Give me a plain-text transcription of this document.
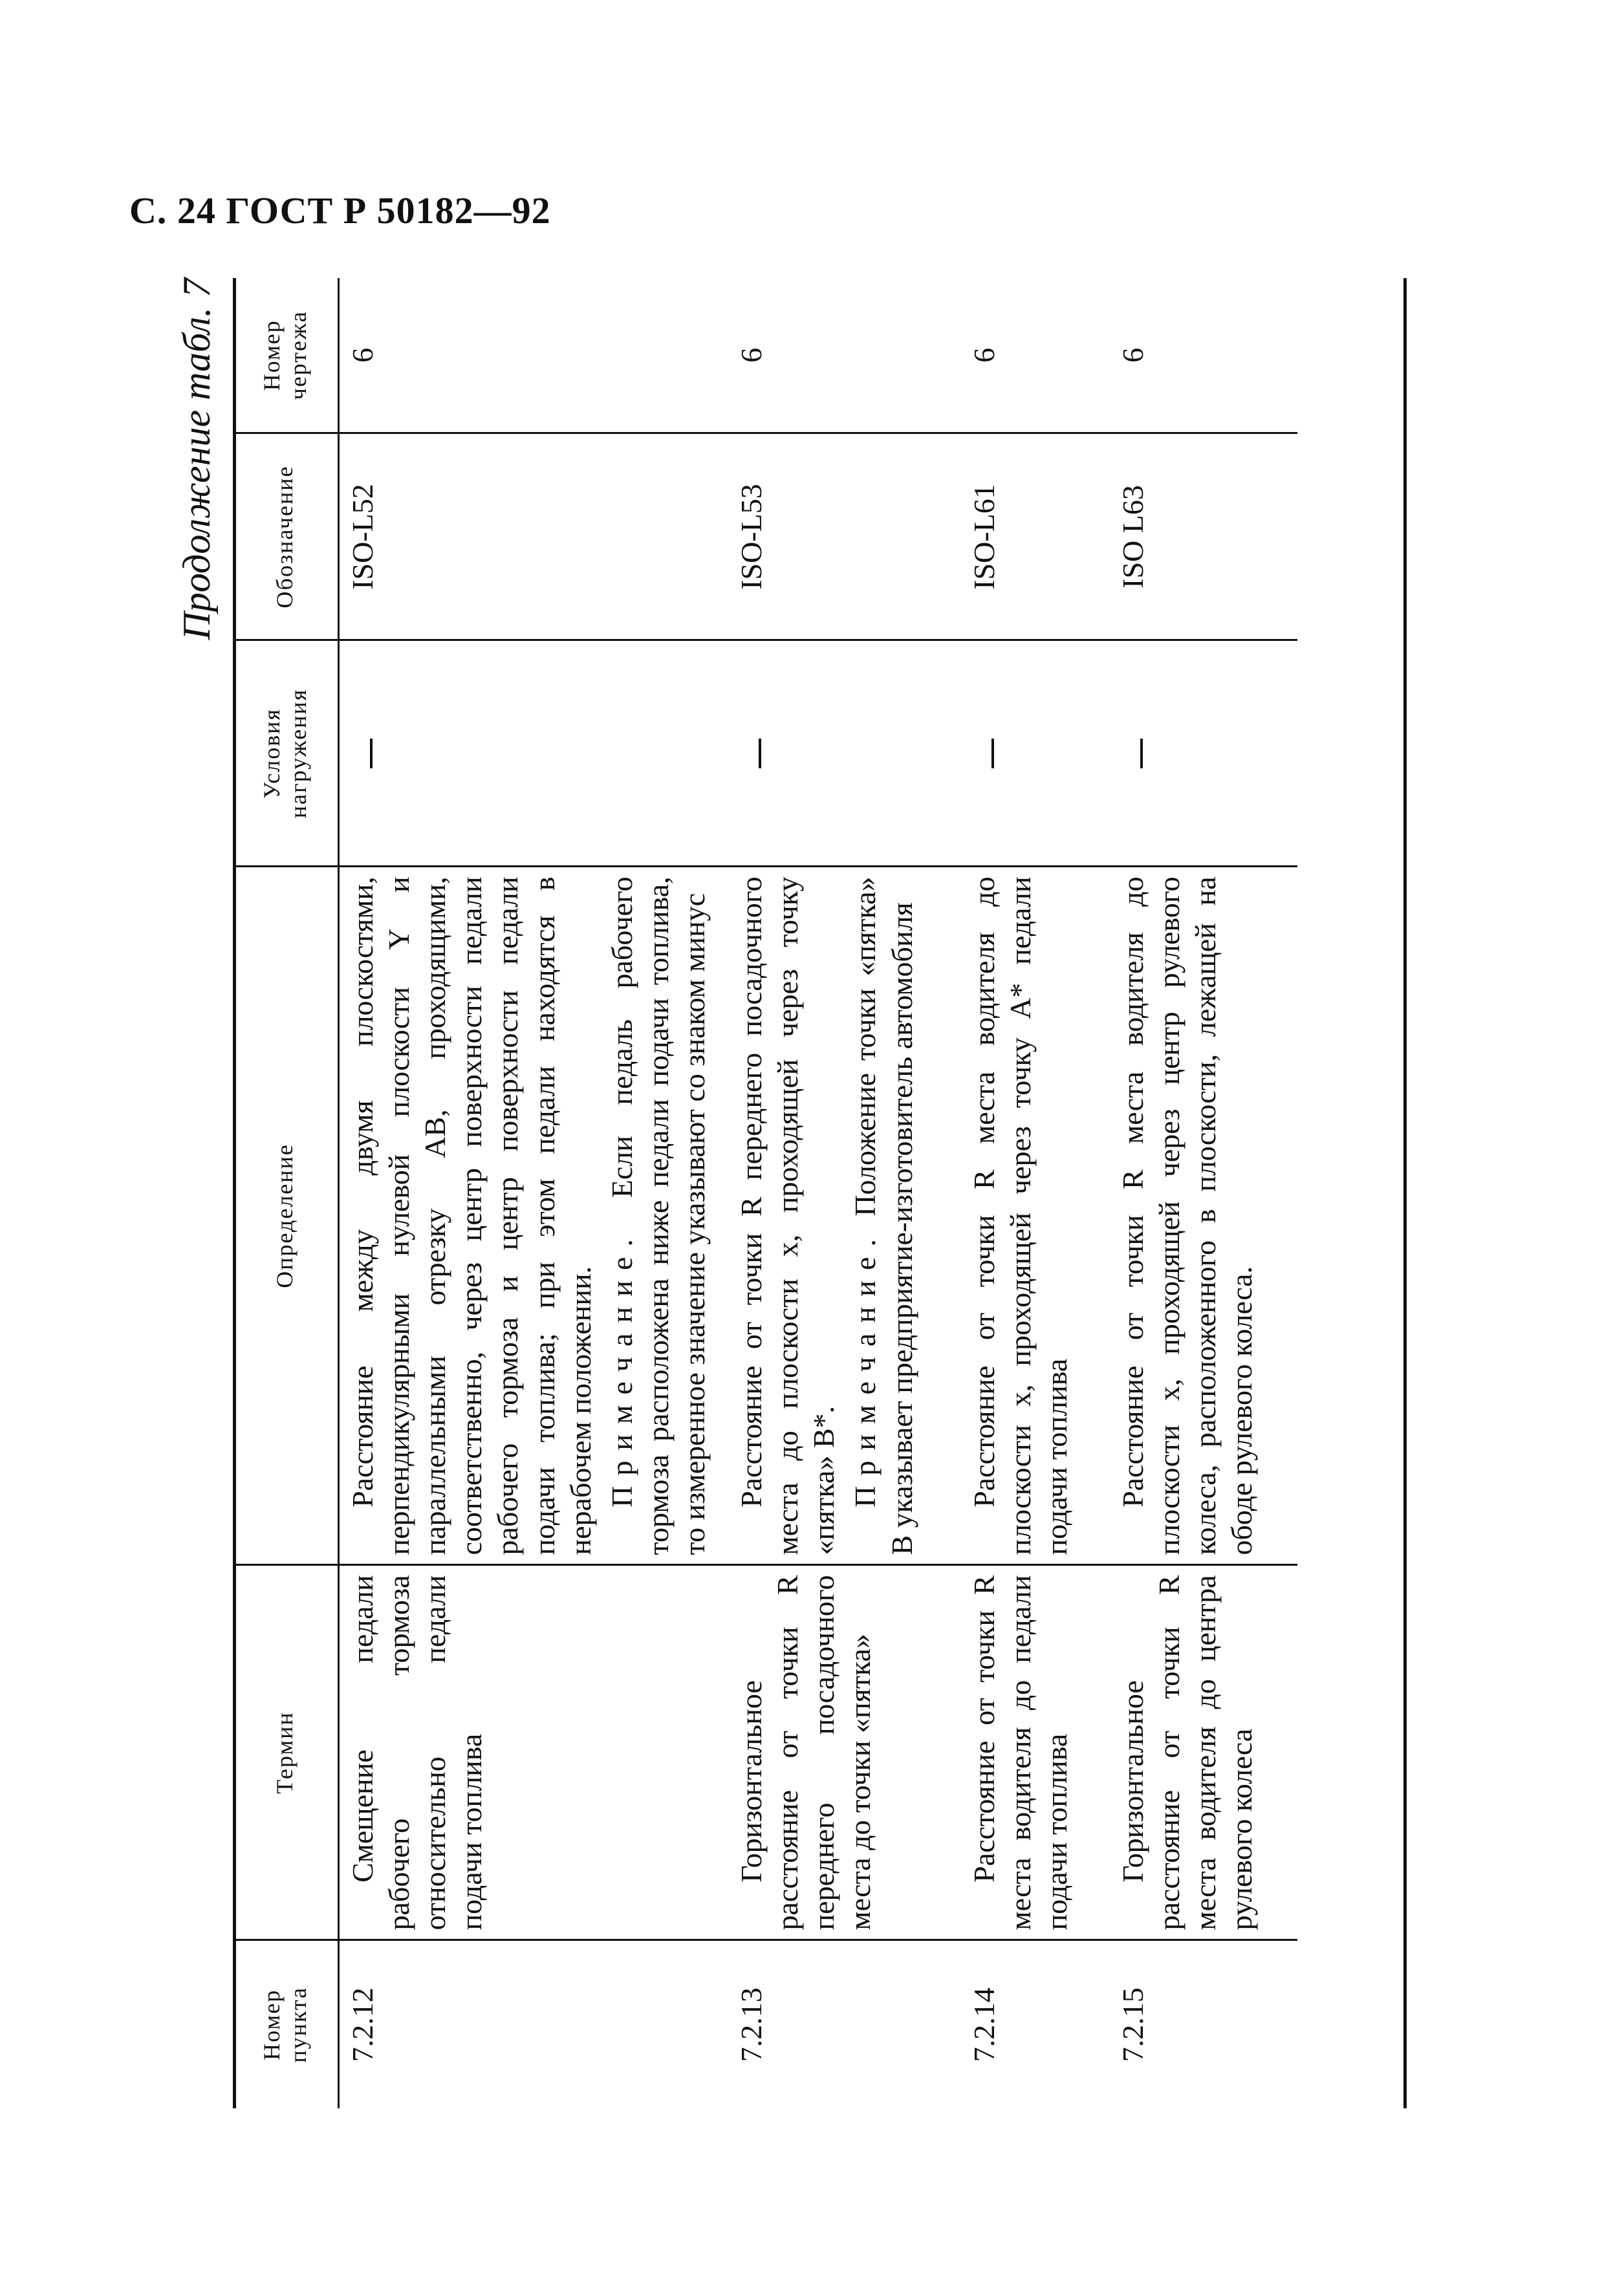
С. 24 ГОСТ Р 50182—92
Продолжение табл. 7
Номер пункта	Термин	Определение	Условия нагружения	Обозначение	Номер чертежа
7.2.12	Смещение педали рабочего тормоза относительно педали подачи топлива	Расстояние между двумя плоскостями, перпендикулярными нулевой плоскости Y и параллельными отрезку AB, проходящими, соответственно, через центр поверхности педали рабочего тормоза и центр поверхности педали подачи топлива; при этом педали находятся в нерабочем положении. Примечание. Если педаль рабочего тормоза расположена ниже педали подачи топлива, то измеренное значение указывают со знаком минус		ISO-L52	6
7.2.13	Горизонтальное расстояние от точки R переднего посадочного места до точки «пятка»	Расстояние от точки R переднего посадочного места до плоскости x, проходящей через точку «пятка» B*. Примечание. Положение точки «пятка» B указывает предприятие-изготовитель автомобиля		ISO-L53	6
7.2.14	Расстояние от точки R места водителя до педали подачи топлива	Расстояние от точки R места водителя до плоскости x, проходящей через точку A* педали подачи топлива		ISO-L61	6
7.2.15	Горизонтальное расстояние от точки R места водителя до центра рулевого колеса	Расстояние от точки R места водителя до плоскости x, проходящей через центр рулевого колеса, расположенного в плоскости, лежащей на ободе рулевого колеса.		ISO L63	6
